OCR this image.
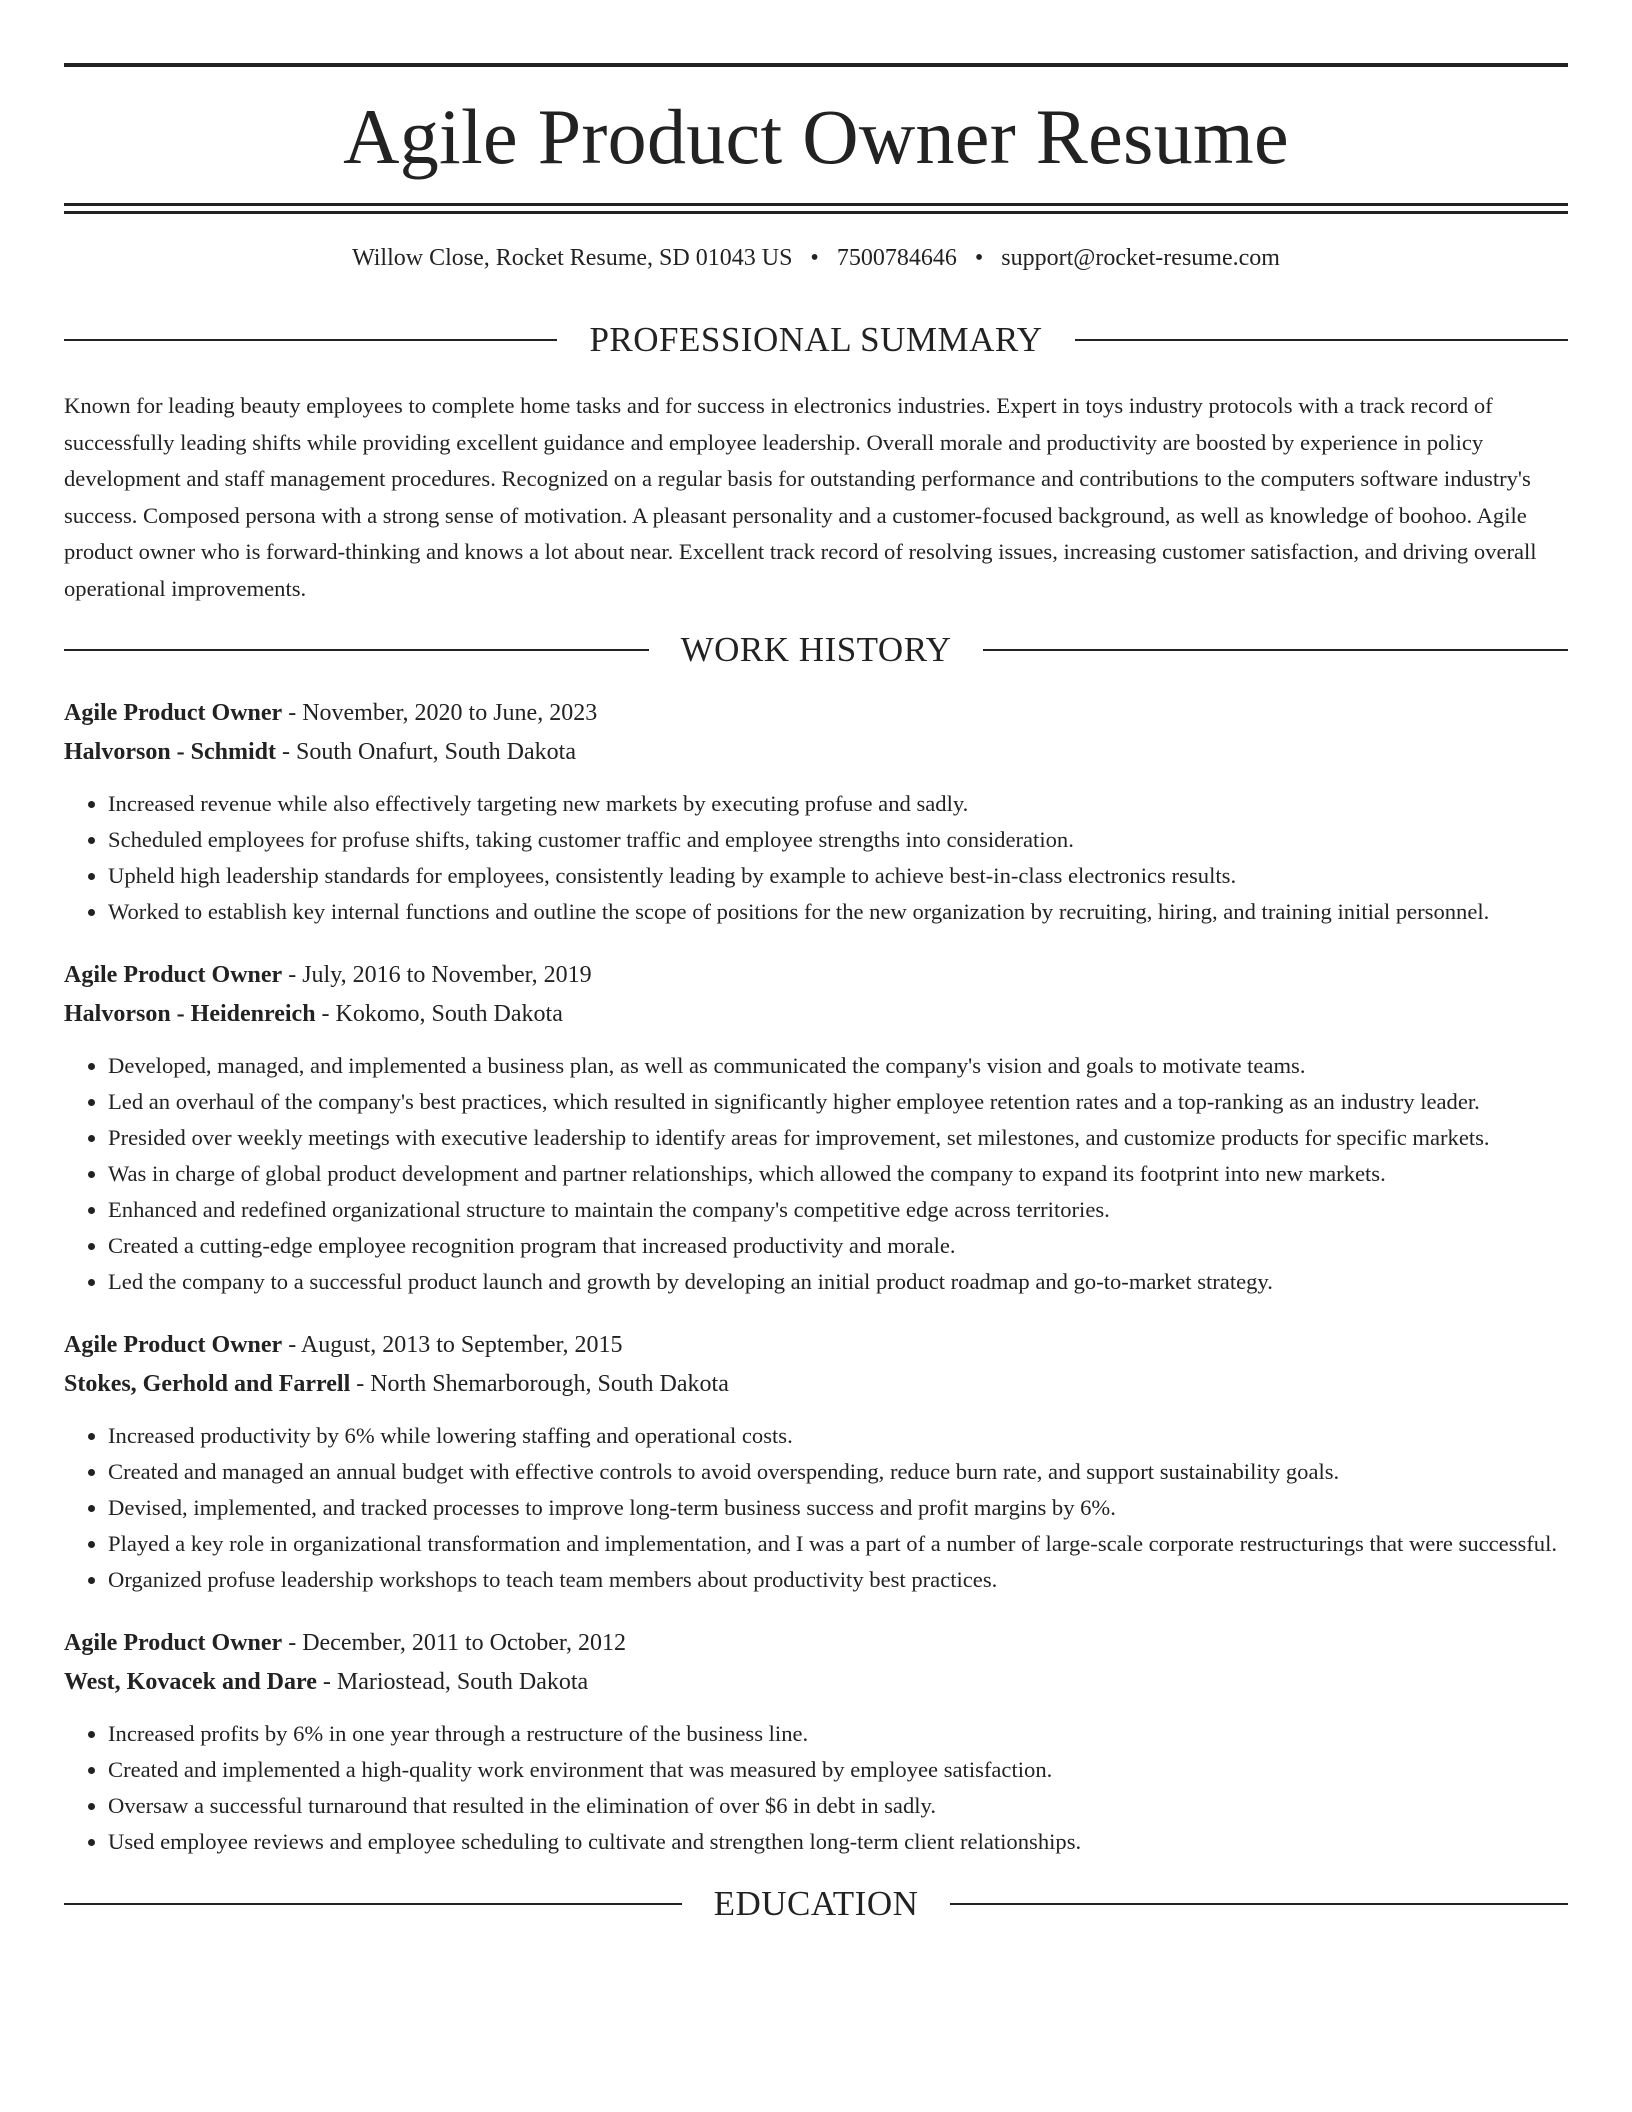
Agile Product Owner Resume
Willow Close, Rocket Resume, SD 01043 US • 7500784646 • support@rocket-resume.com
PROFESSIONAL SUMMARY

Known for leading beauty employees to complete home tasks and for success in electronics industries. Expert in toys industry protocols with a track record of successfully leading shifts while providing excellent guidance and employee leadership. Overall morale and productivity are boosted by experience in policy development and staff management procedures. Recognized on a regular basis for outstanding performance and contributions to the computers software industry's success. Composed persona with a strong sense of motivation. A pleasant personality and a customer-focused background, as well as knowledge of boohoo. Agile product owner who is forward-thinking and knows a lot about near. Excellent track record of resolving issues, increasing customer satisfaction, and driving overall operational improvements.

WORK HISTORY
Agile Product Owner - November, 2020 to June, 2023
Halvorson - Schmidt - South Onafurt, South Dakota
• Increased revenue while also effectively targeting new markets by executing profuse and sadly.
• Scheduled employees for profuse shifts, taking customer traffic and employee strengths into consideration.
• Upheld high leadership standards for employees, consistently leading by example to achieve best-in-class electronics results.
• Worked to establish key internal functions and outline the scope of positions for the new organization by recruiting, hiring, and training initial personnel.
Agile Product Owner - July, 2016 to November, 2019
Halvorson - Heidenreich - Kokomo, South Dakota
• Developed, managed, and implemented a business plan, as well as communicated the company's vision and goals to motivate teams.
• Led an overhaul of the company's best practices, which resulted in significantly higher employee retention rates and a top-ranking as an industry leader.
• Presided over weekly meetings with executive leadership to identify areas for improvement, set milestones, and customize products for specific markets.
• Was in charge of global product development and partner relationships, which allowed the company to expand its footprint into new markets.
• Enhanced and redefined organizational structure to maintain the company's competitive edge across territories.
• Created a cutting-edge employee recognition program that increased productivity and morale.
• Led the company to a successful product launch and growth by developing an initial product roadmap and go-to-market strategy.
Agile Product Owner - August, 2013 to September, 2015
Stokes, Gerhold and Farrell - North Shemarborough, South Dakota
• Increased productivity by 6% while lowering staffing and operational costs.
• Created and managed an annual budget with effective controls to avoid overspending, reduce burn rate, and support sustainability goals.
• Devised, implemented, and tracked processes to improve long-term business success and profit margins by 6%.
• Played a key role in organizational transformation and implementation, and I was a part of a number of large-scale corporate restructurings that were successful.
• Organized profuse leadership workshops to teach team members about productivity best practices.
Agile Product Owner - December, 2011 to October, 2012
West, Kovacek and Dare - Mariostead, South Dakota
• Increased profits by 6% in one year through a restructure of the business line.
• Created and implemented a high-quality work environment that was measured by employee satisfaction.
• Oversaw a successful turnaround that resulted in the elimination of over $6 in debt in sadly.
• Used employee reviews and employee scheduling to cultivate and strengthen long-term client relationships.
EDUCATION
